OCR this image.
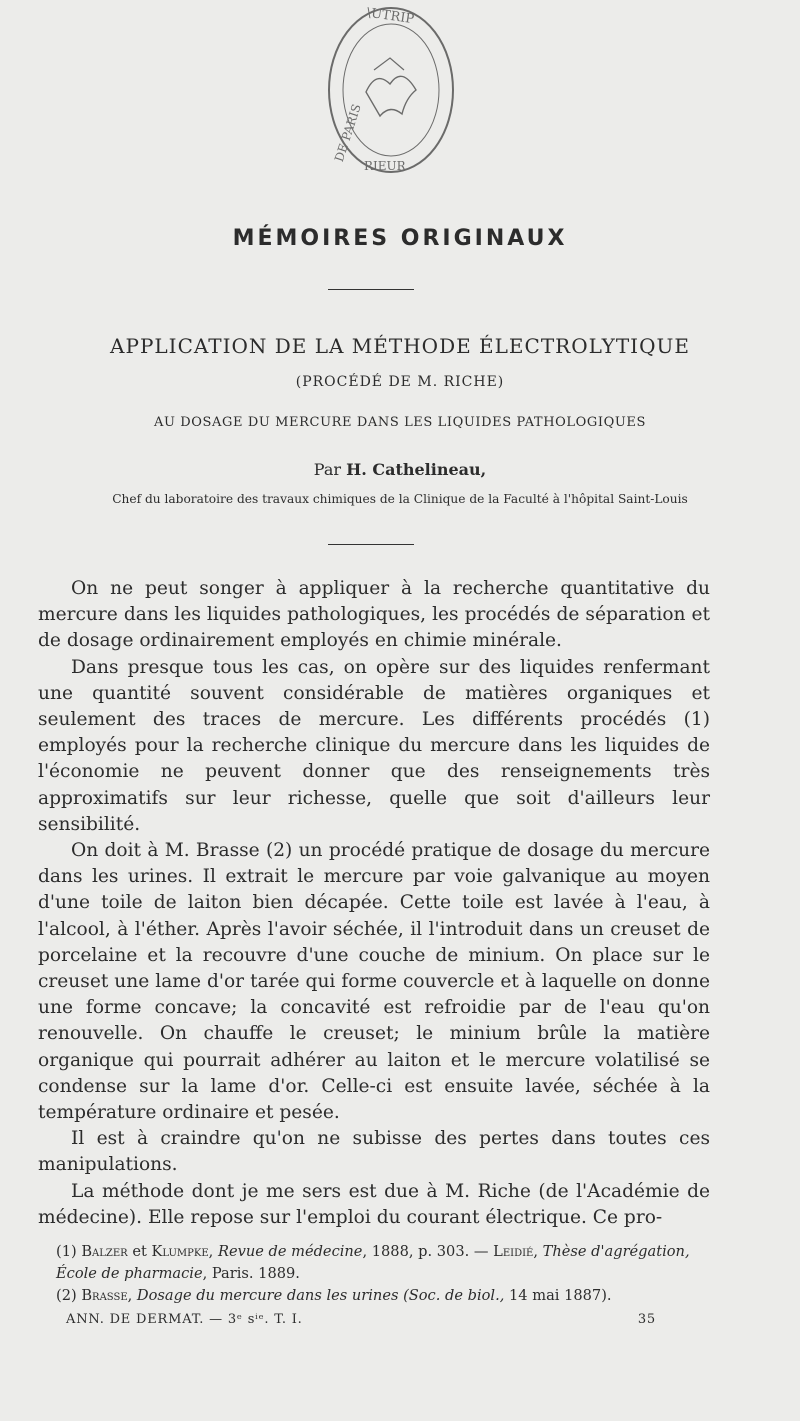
\UTRIP
DE PARIS
RIEUR
MÉMOIRES ORIGINAUX
APPLICATION DE LA MÉTHODE ÉLECTROLYTIQUE
(PROCÉDÉ DE M. RICHE)
AU DOSAGE DU MERCURE DANS LES LIQUIDES PATHOLOGIQUES
Par H. Cathelineau,
Chef du laboratoire des travaux chimiques de la Clinique de la Faculté à l'hôpital Saint-Louis

On ne peut songer à appliquer à la recherche quantitative du mercure dans les liquides pathologiques, les procédés de séparation et de dosage ordinairement employés en chimie minérale.

Dans presque tous les cas, on opère sur des liquides renfermant une quantité souvent considérable de matières organiques et seulement des traces de mercure. Les différents procédés (1) employés pour la recherche clinique du mercure dans les liquides de l'économie ne peuvent donner que des renseignements très approximatifs sur leur richesse, quelle que soit d'ailleurs leur sensibilité.

On doit à M. Brasse (2) un procédé pratique de dosage du mercure dans les urines. Il extrait le mercure par voie galvanique au moyen d'une toile de laiton bien décapée. Cette toile est lavée à l'eau, à l'alcool, à l'éther. Après l'avoir séchée, il l'introduit dans un creuset de porcelaine et la recouvre d'une couche de minium. On place sur le creuset une lame d'or tarée qui forme couvercle et à laquelle on donne une forme concave; la concavité est refroidie par de l'eau qu'on renouvelle. On chauffe le creuset; le minium brûle la matière organique qui pourrait adhérer au laiton et le mercure volatilisé se condense sur la lame d'or. Celle-ci est ensuite lavée, séchée à la température ordinaire et pesée.

Il est à craindre qu'on ne subisse des pertes dans toutes ces manipulations.

La méthode dont je me sers est due à M. Riche (de l'Académie de médecine). Elle repose sur l'emploi du courant électrique. Ce pro-

(1) Balzer et Klumpke, Revue de médecine, 1888, p. 303. — Leidié, Thèse d'agrégation, École de pharmacie, Paris. 1889.
(2) Brasse, Dosage du mercure dans les urines (Soc. de biol., 14 mai 1887).
ANN. DE DERMAT. — 3ᵉ sⁱᵉ. T. I.	35
